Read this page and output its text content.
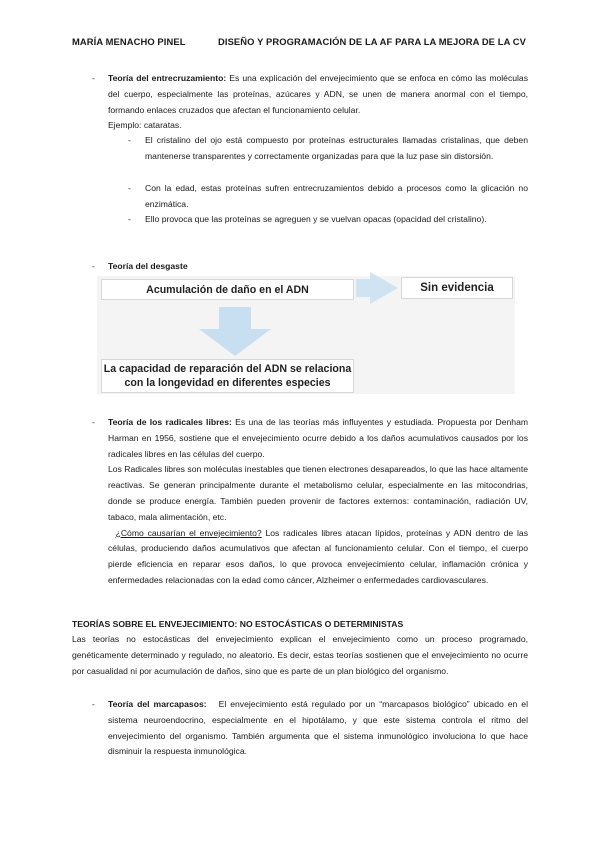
MARÍA MENACHO PINEL	DISEÑO Y PROGRAMACIÓN DE LA AF PARA LA MEJORA DE LA CV
- Teoría del entrecruzamiento: Es una explicación del envejecimiento que se enfoca en cómo las moléculas del cuerpo, especialmente las proteínas, azúcares y ADN, se unen de manera anormal con el tiempo, formando enlaces cruzados que afectan el funcionamiento celular.

Ejemplo: cataratas.

- El cristalino del ojo está compuesto por proteínas estructurales llamadas cristalinas, que deben mantenerse transparentes y correctamente organizadas para que la luz pase sin distorsión.
- Con la edad, estas proteínas sufren entrecruzamientos debido a procesos como la glicación no enzimática.
- Ello provoca que las proteínas se agreguen y se vuelvan opacas (opacidad del cristalino).
- Teoría del desgaste
Acumulación de daño en el ADN	Sin evidencia
La capacidad de reparación del ADN se relaciona
con la longevidad en diferentes especies
- Teoría de los radicales libres: Es una de las teorías más influyentes y estudiada. Propuesta por Denham Harman en 1956, sostiene que el envejecimiento ocurre debido a los daños acumulativos causados por los radicales libres en las células del cuerpo.

Los Radicales libres son moléculas inestables que tienen electrones desapareados, lo que las hace altamente reactivas. Se generan principalmente durante el metabolismo celular, especialmente en las mitocondrias, donde se produce energía. También pueden provenir de factores externos: contaminación, radiación UV, tabaco, mala alimentación, etc.

¿Cómo causarían el envejecimiento? Los radicales libres atacan lípidos, proteínas y ADN dentro de las células, produciendo daños acumulativos que afectan al funcionamiento celular. Con el tiempo, el cuerpo pierde eficiencia en reparar esos daños, lo que provoca envejecimiento celular, inflamación crónica y enfermedades relacionadas con la edad como cáncer, Alzheimer o enfermedades cardiovasculares.

TEORÍAS SOBRE EL ENVEJECIMIENTO: NO ESTOCÁSTICAS O DETERMINISTAS
Las teorías no estocásticas del envejecimiento explican el envejecimiento como un proceso programado, genéticamente determinado y regulado, no aleatorio. Es decir, estas teorías sostienen que el envejecimiento no ocurre por casualidad ni por acumulación de daños, sino que es parte de un plan biológico del organismo.
- Teoría del marcapasos: El envejecimiento está regulado por un “marcapasos biológico” ubicado en el sistema neuroendocrino, especialmente en el hipotálamo, y que este sistema controla el ritmo del envejecimiento del organismo. También argumenta que el sistema inmunológico involuciona lo que hace disminuir la respuesta inmunológica.
